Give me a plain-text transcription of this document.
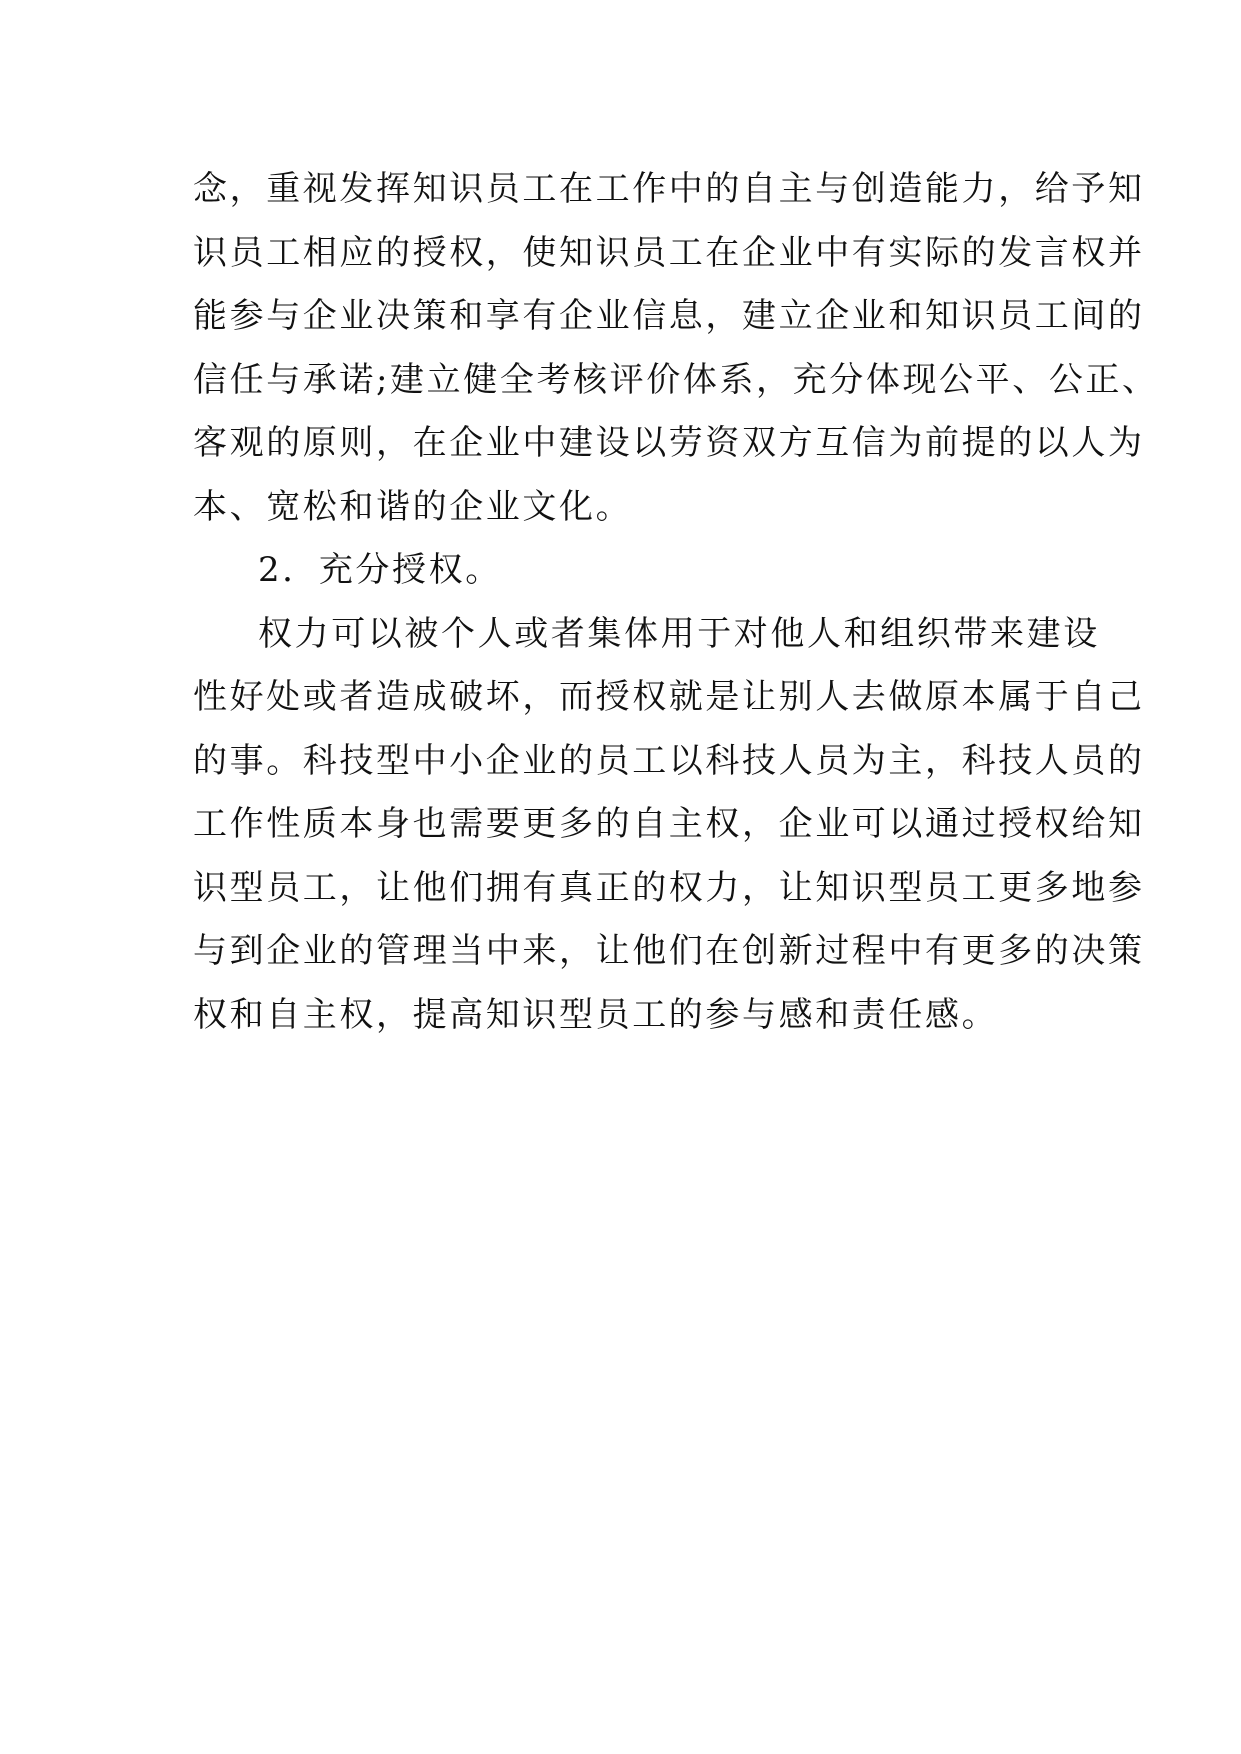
念，重视发挥知识员工在工作中的自主与创造能力，给予知
识员工相应的授权，使知识员工在企业中有实际的发言权并
能参与企业决策和享有企业信息，建立企业和知识员工间的
信任与承诺;建立健全考核评价体系，充分体现公平、公正、
客观的原则，在企业中建设以劳资双方互信为前提的以人为
本、宽松和谐的企业文化。
2．充分授权。
权力可以被个人或者集体用于对他人和组织带来建设
性好处或者造成破坏，而授权就是让别人去做原本属于自己
的事。科技型中小企业的员工以科技人员为主，科技人员的
工作性质本身也需要更多的自主权，企业可以通过授权给知
识型员工，让他们拥有真正的权力，让知识型员工更多地参
与到企业的管理当中来，让他们在创新过程中有更多的决策
权和自主权，提高知识型员工的参与感和责任感。
